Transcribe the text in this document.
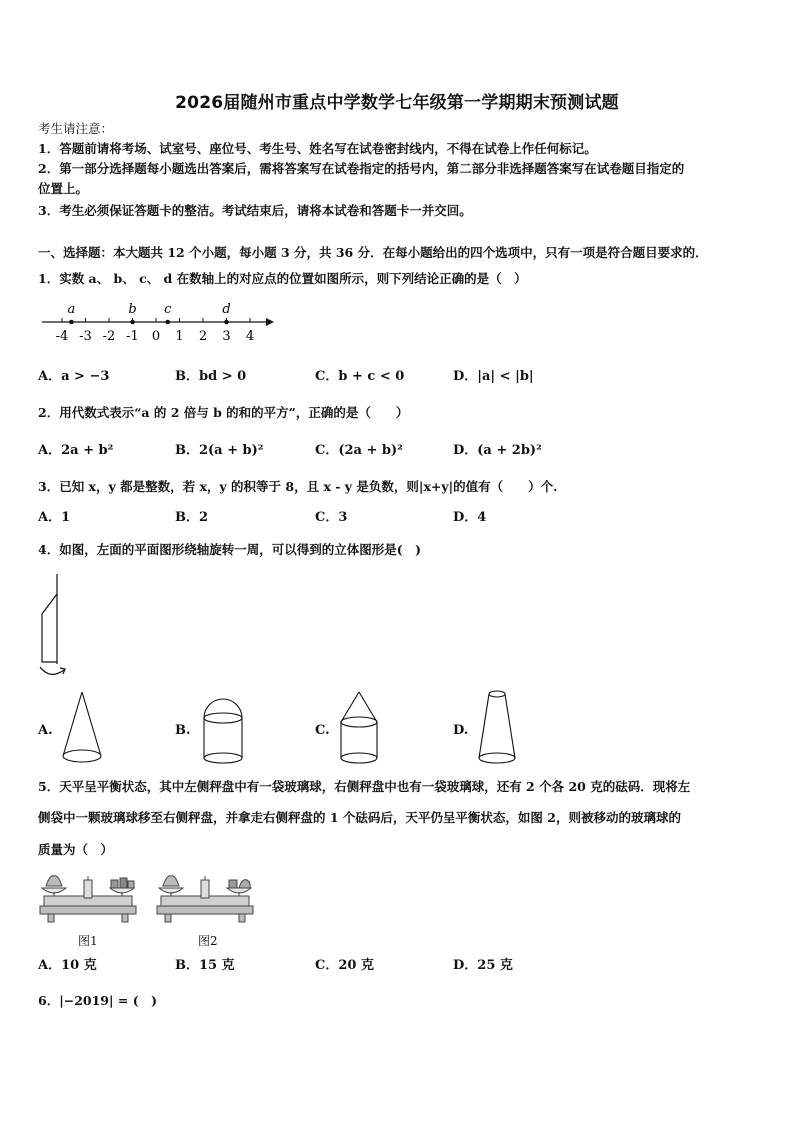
2026届随州市重点中学数学七年级第一学期期末预测试题
考生请注意：
1．答题前请将考场、试室号、座位号、考生号、姓名写在试卷密封线内，不得在试卷上作任何标记。
2．第一部分选择题每小题选出答案后，需将答案写在试卷指定的括号内，第二部分非选择题答案写在试卷题目指定的
位置上。
3．考生必须保证答题卡的整洁。考试结束后，请将本试卷和答题卡一并交回。
一、选择题：本大题共 12 个小题，每小题 3 分，共 36 分．在每小题给出的四个选项中，只有一项是符合题目要求的．
1．实数 a、 b、 c、 d 在数轴上的对应点的位置如图所示，则下列结论正确的是（　）
-4 -3 -2 -1 0 1 2 3 4
a	b c	d
A．a > −3	B．bd > 0	C．b + c < 0	D．|a| < |b|
2．用代数式表示“a 的 2 倍与 b 的和的平方”，正确的是（　　）
A．2a + b²	B．2(a + b)²	C．(2a + b)²	D．(a + 2b)²
3．已知 x，y 都是整数，若 x，y 的积等于 8，且 x - y 是负数，则|x+y|的值有（　　）个.
A．1	B．2	C．3	D．4
4．如图，左面的平面图形绕轴旋转一周，可以得到的立体图形是(　)
A.	B.	C.	D.
5．天平呈平衡状态，其中左侧秤盘中有一袋玻璃球，右侧秤盘中也有一袋玻璃球，还有 2 个各 20 克的砝码．现将左
侧袋中一颗玻璃球移至右侧秤盘，并拿走右侧秤盘的 1 个砝码后，天平仍呈平衡状态，如图 2，则被移动的玻璃球的
质量为（　）
图1	图2
A．10 克	B．15 克	C．20 克	D．25 克
6．|−2019| = (　)
